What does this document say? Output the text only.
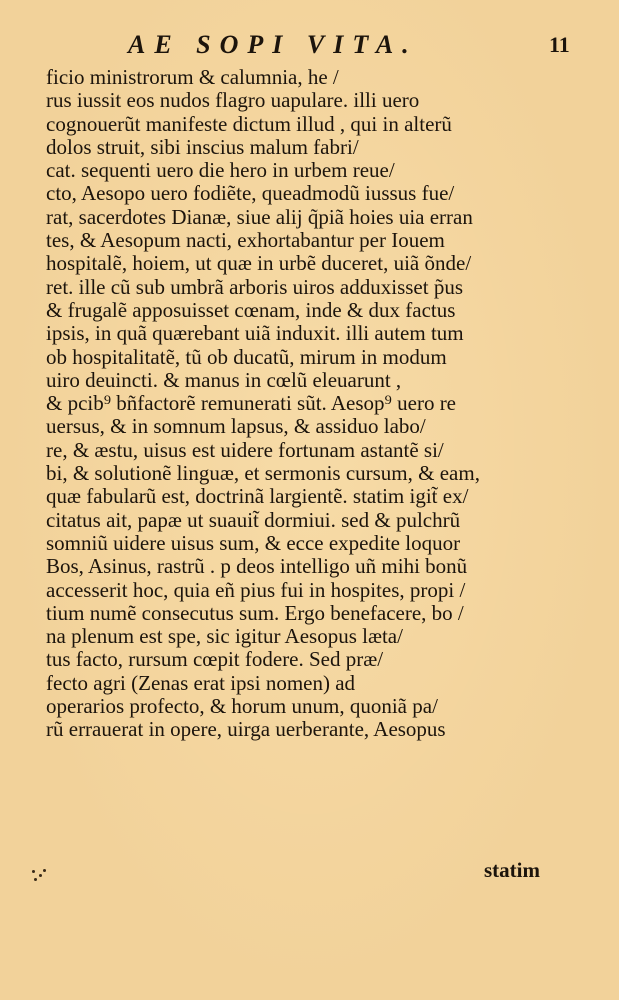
AE SOPI VITA.	11
ficio ministrorum & calumnia, he /
rus iussit eos nudos flagro uapulare. illi uero
cognouerũt manifeste dictum illud , qui in alterũ
dolos struit, sibi inscius malum fabri/
cat. sequenti uero die hero in urbem reue/
cto, Aesopo uero fodiẽte, queadmodũ iussus fue/
rat, sacerdotes Dianæ, siue alij q̃piã hoies uia erran
tes, & Aesopum nacti, exhortabantur per Iouem
hospitalẽ, hoiem, ut quæ in urbẽ duceret, uiã õnde/
ret. ille cũ sub umbrã arboris uiros adduxisset p̃us
& frugalẽ apposuisset cœnam, inde & dux factus
ipsis, in quã quærebant uiã induxit. illi autem tum
ob hospitalitatẽ, tũ ob ducatũ, mirum in modum
uiro deuincti. & manus in cœlũ eleuarunt ,
& pcib⁹ bñfactorẽ remunerati sũt. Aesop⁹ uero re
uersus, & in somnum lapsus, & assiduo labo/
re, & æstu, uisus est uidere fortunam astantẽ si/
bi, & solutionẽ linguæ, et sermonis cursum, & eam,
quæ fabularũ est, doctrinã largientẽ. statim igit̃ ex/
citatus ait, papæ ut suauit̃ dormiui. sed & pulchrũ
somniũ uidere uisus sum, & ecce expedite loquor
Bos, Asinus, rastrũ . p deos intelligo uñ mihi bonũ
accesserit hoc, quia eñ pius fui in hospites, propi /
tium numẽ consecutus sum. Ergo benefacere, bo /
na plenum est spe, sic igitur Aesopus læta/
tus facto, rursum cœpit fodere. Sed præ/
fecto agri (Zenas erat ipsi nomen) ad
operarios profecto, & horum unum, quoniã pa/
rũ errauerat in opere, uirga uerberante, Aesopus
statim
